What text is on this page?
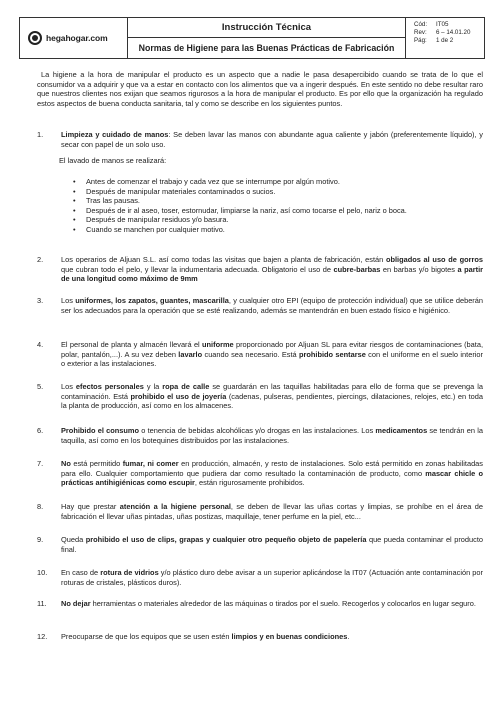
hegahogar.com
Instrucción Técnica
Normas de Higiene para las Buenas Prácticas de Fabricación
Cód:	IT05
Rev:	6 – 14.01.20
Pág:	1 de 2
La higiene a la hora de manipular el producto es un aspecto que a nadie le pasa desapercibido cuando se trata de lo que el consumidor va a adquirir y que va a estar en contacto con los alimentos que va a ingerir después. En este sentido no debe resultar raro que nuestros clientes nos exijan que seamos rigurosos a la hora de manipular el producto. Es por ello que la organización ha regulado estos aspectos de buena conducta sanitaria, tal y como se describe en los siguientes puntos.
1.	Limpieza y cuidado de manos: Se deben lavar las manos con abundante agua caliente y jabón (preferentemente líquido), y secar con papel de un solo uso.
El lavado de manos se realizará:
• Antes de comenzar el trabajo y cada vez que se interrumpe por algún motivo.
• Después de manipular materiales contaminados o sucios.
• Tras las pausas.
• Después de ir al aseo, toser, estornudar, limpiarse la nariz, así como tocarse el pelo, nariz o boca.
• Después de manipular residuos y/o basura.
• Cuando se manchen por cualquier motivo.
2.	Los operarios de Aljuan S.L. así como todas las visitas que bajen a planta de fabricación, están obligados al uso de gorros que cubran todo el pelo, y llevar la indumentaria adecuada. Obligatorio el uso de cubre-barbas en barbas y/o bigotes a partir de una longitud como máximo de 9mm
3.	Los uniformes, los zapatos, guantes, mascarilla, y cualquier otro EPI (equipo de protección individual) que se utilice deberán ser los adecuados para la operación que se esté realizando, además se mantendrán en buen estado físico e higiénico.
4.	El personal de planta y almacén llevará el uniforme proporcionado por Aljuan SL para evitar riesgos de contaminaciones (bata, polar, pantalón,...). A su vez deben lavarlo cuando sea necesario. Está prohibido sentarse con el uniforme en el suelo interior o exterior a las instalaciones.
5.	Los efectos personales y la ropa de calle se guardarán en las taquillas habilitadas para ello de forma que se prevenga la contaminación. Está prohibido el uso de joyería (cadenas, pulseras, pendientes, piercings, dilataciones, relojes, etc.) en toda la planta de producción, así como en los almacenes.
6.	Prohibido el consumo o tenencia de bebidas alcohólicas y/o drogas en las instalaciones. Los medicamentos se tendrán en la taquilla, así como en los botequines distribuidos por las instalaciones.
7.	No está permitido fumar, ni comer en producción, almacén, y resto de instalaciones. Solo está permitido en zonas habilitadas para ello. Cualquier comportamiento que pudiera dar como resultado la contaminación de producto, como mascar chicle o prácticas antihigiénicas como escupir, están rigurosamente prohibidos.
8.	Hay que prestar atención a la higiene personal, se deben de llevar las uñas cortas y limpias, se prohíbe en el área de fabricación el llevar uñas pintadas, uñas postizas, maquillaje, tener perfume en la piel, etc...
9.	Queda prohibido el uso de clips, grapas y cualquier otro pequeño objeto de papelería que pueda contaminar el producto final.
10.	En caso de rotura de vidrios y/o plástico duro debe avisar a un superior aplicándose la IT07 (Actuación ante contaminación por roturas de cristales, plásticos duros).
11.	No dejar herramientas o materiales alrededor de las máquinas o tirados por el suelo. Recogerlos y colocarlos en lugar seguro.
12.	Preocuparse de que los equipos que se usen estén limpios y en buenas condiciones.
